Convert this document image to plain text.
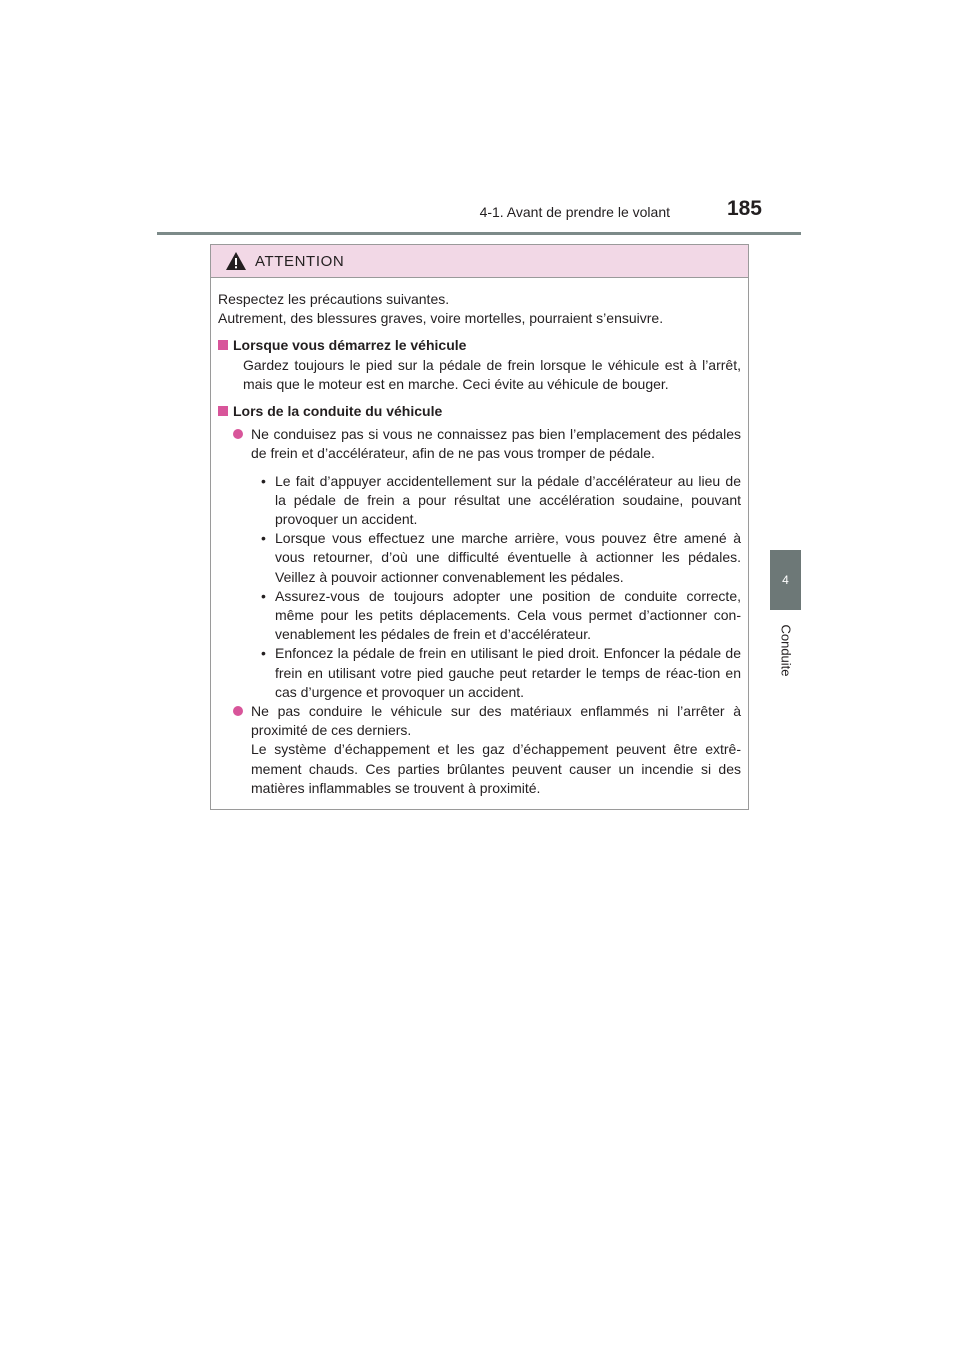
4-1. Avant de prendre le volant	185
4
Conduite
ATTENTION

Respectez les précautions suivantes.

Autrement, des blessures graves, voire mortelles, pourraient s’ensuivre.

Lorsque vous démarrez le véhicule

Gardez toujours le pied sur la pédale de frein lorsque le véhicule est à l’arrêt, mais que le moteur est en marche. Ceci évite au véhicule de bouger.

Lors de la conduite du véhicule

Ne conduisez pas si vous ne connaissez pas bien l’emplacement des pédales de frein et d’accélérateur, afin de ne pas vous tromper de pédale.

• Le fait d’appuyer accidentellement sur la pédale d’accélérateur au lieu de la pédale de frein a pour résultat une accélération soudaine, pouvant provoquer un accident.

• Lorsque vous effectuez une marche arrière, vous pouvez être amené à vous retourner, d’où une difficulté éventuelle à actionner les pédales. Veillez à pouvoir actionner convenablement les pédales.

• Assurez-vous de toujours adopter une position de conduite correcte, même pour les petits déplacements. Cela vous permet d’actionner con-venablement les pédales de frein et d’accélérateur.

• Enfoncez la pédale de frein en utilisant le pied droit. Enfoncer la pédale de frein en utilisant votre pied gauche peut retarder le temps de réac-tion en cas d’urgence et provoquer un accident.

Ne pas conduire le véhicule sur des matériaux enflammés ni l’arrêter à proximité de ces derniers.

Le système d’échappement et les gaz d’échappement peuvent être extrê-mement chauds. Ces parties brûlantes peuvent causer un incendie si des matières inflammables se trouvent à proximité.
